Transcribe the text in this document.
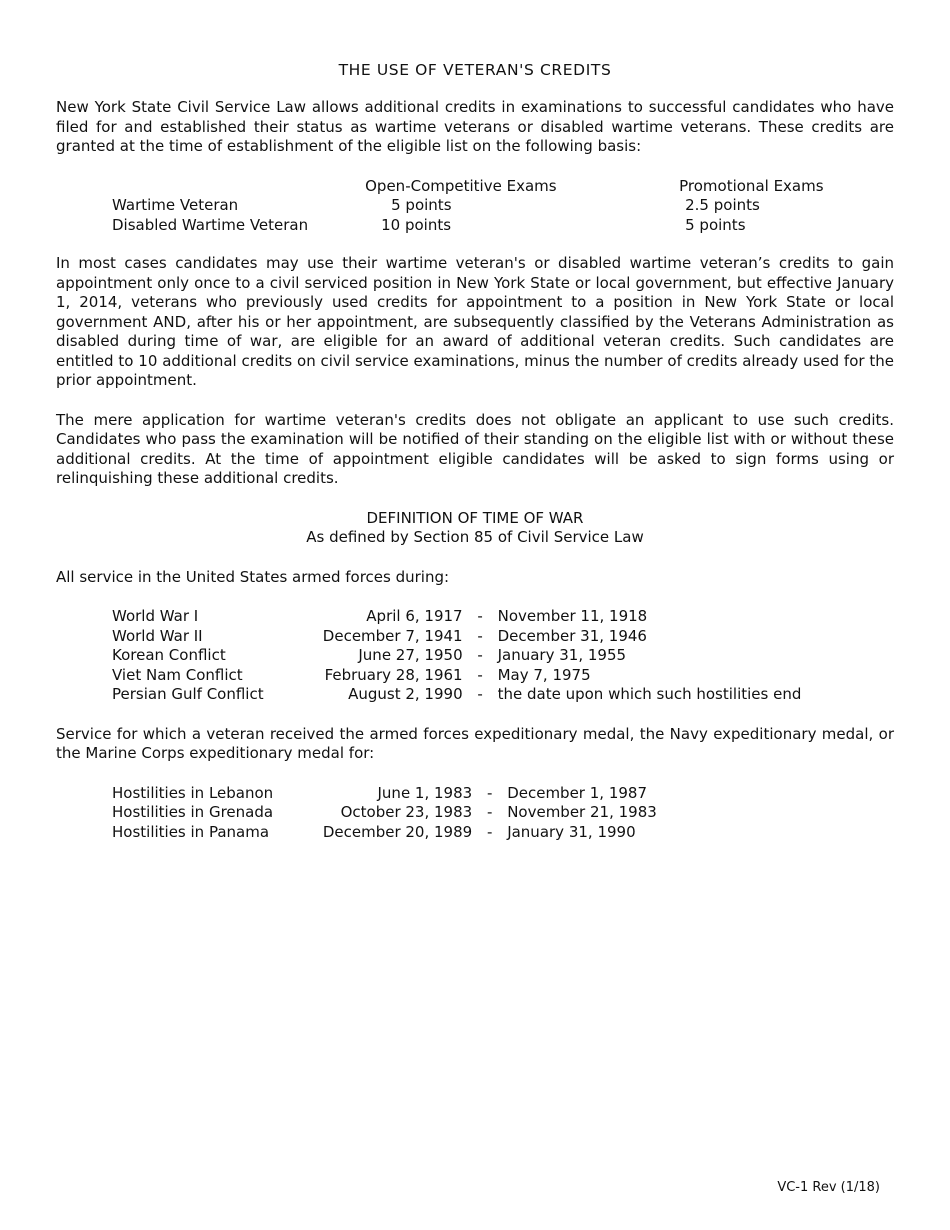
THE USE OF VETERAN'S CREDITS

New York State Civil Service Law allows additional credits in examinations to successful candidates who have filed for and established their status as wartime veterans or disabled wartime veterans. These credits are granted at the time of establishment of the eligible list on the following basis:

	Open-Competitive Exams	Promotional Exams
Wartime Veteran	5 points	2.5 points
Disabled Wartime Veteran	10 points	5 points

In most cases candidates may use their wartime veteran's or disabled wartime veteran’s credits to gain appointment only once to a civil serviced position in New York State or local government, but effective January 1, 2014, veterans who previously used credits for appointment to a position in New York State or local government AND, after his or her appointment, are subsequently classified by the Veterans Administration as disabled during time of war, are eligible for an award of additional veteran credits. Such candidates are entitled to 10 additional credits on civil service examinations, minus the number of credits already used for the prior appointment.

The mere application for wartime veteran's credits does not obligate an applicant to use such credits. Candidates who pass the examination will be notified of their standing on the eligible list with or without these additional credits. At the time of appointment eligible candidates will be asked to sign forms using or relinquishing these additional credits.

DEFINITION OF TIME OF WAR
As defined by Section 85 of Civil Service Law
All service in the United States armed forces during:
World War I	April 6, 1917	-	November 11, 1918
World War II	December 7, 1941	-	December 31, 1946
Korean Conflict	June 27, 1950	-	January 31, 1955
Viet Nam Conflict	February 28, 1961	-	May 7, 1975
Persian Gulf Conflict	August 2, 1990	-	the date upon which such hostilities end

Service for which a veteran received the armed forces expeditionary medal, the Navy expeditionary medal, or the Marine Corps expeditionary medal for:

Hostilities in Lebanon	June 1, 1983	-	December 1, 1987
Hostilities in Grenada	October 23, 1983	-	November 21, 1983
Hostilities in Panama	December 20, 1989	-	January 31, 1990
VC-1 Rev (1/18)
